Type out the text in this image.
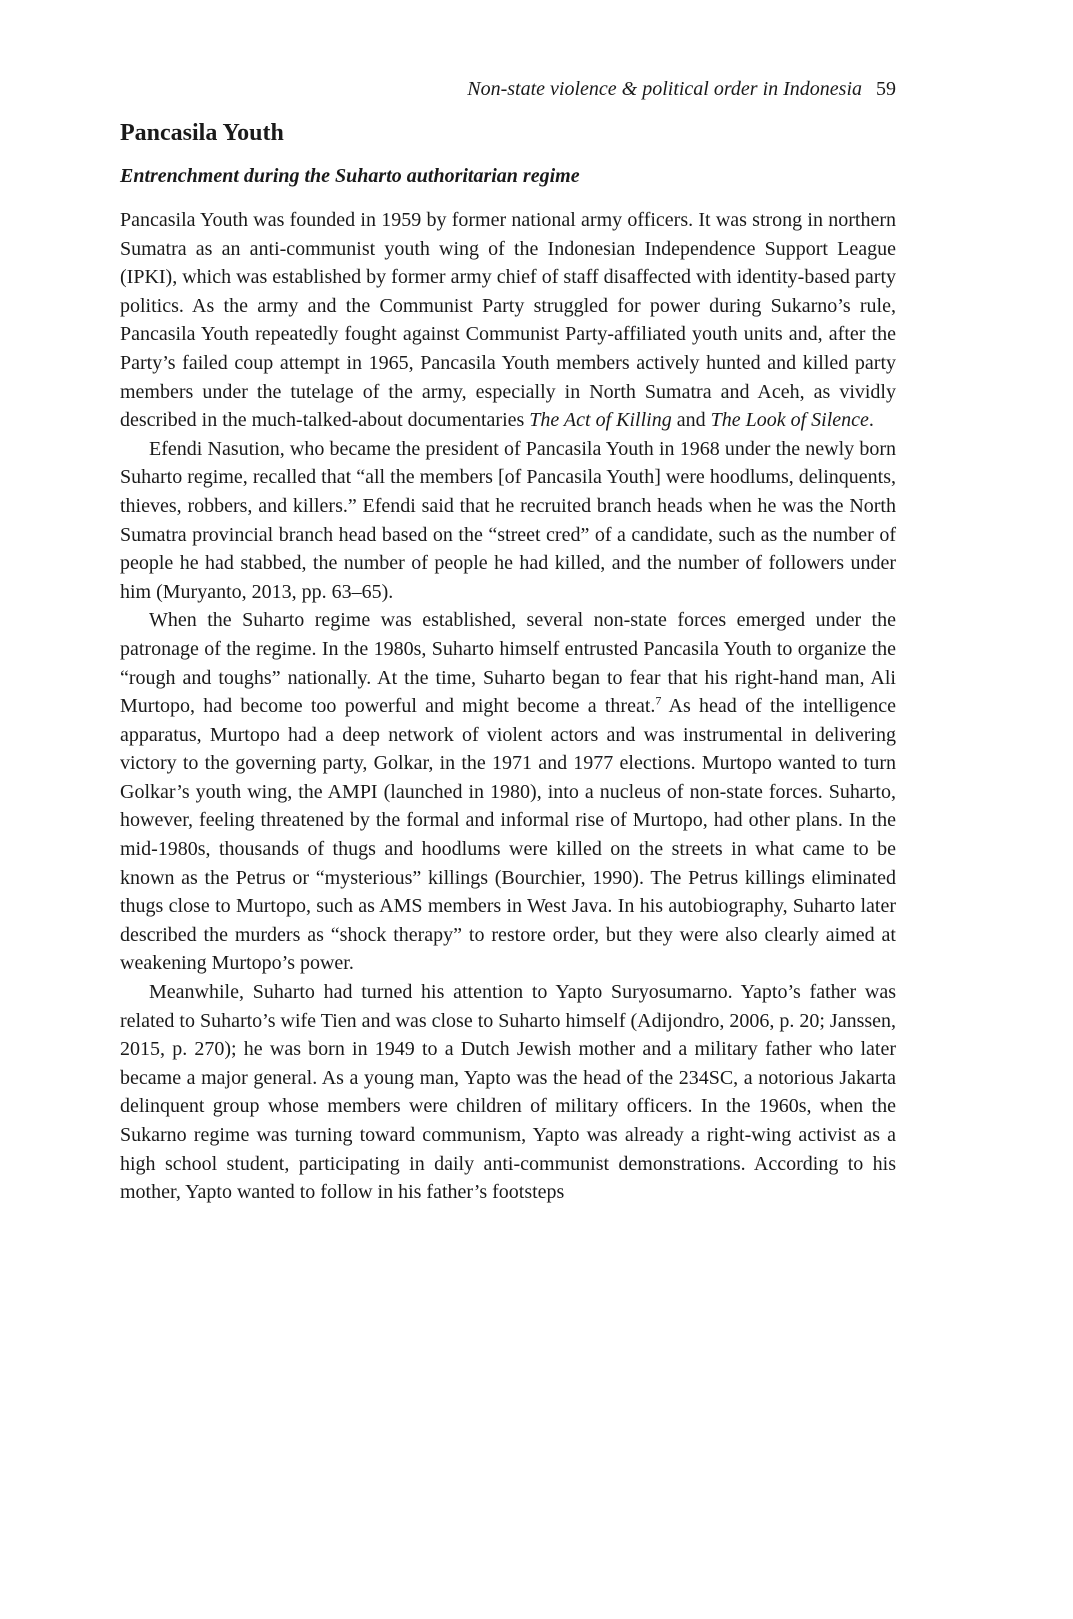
Non-state violence & political order in Indonesia 59
Pancasila Youth
Entrenchment during the Suharto authoritarian regime

Pancasila Youth was founded in 1959 by former national army officers. It was strong in northern Sumatra as an anti-communist youth wing of the Indonesian Independence Support League (IPKI), which was established by former army chief of staff disaffected with identity-based party politics. As the army and the Communist Party struggled for power during Sukarno’s rule, Pancasila Youth repeatedly fought against Communist Party-affiliated youth units and, after the Party’s failed coup attempt in 1965, Pancasila Youth members actively hunted and killed party members under the tutelage of the army, especially in North Sumatra and Aceh, as vividly described in the much-talked-about documentaries The Act of Killing and The Look of Silence.

Efendi Nasution, who became the president of Pancasila Youth in 1968 under the newly born Suharto regime, recalled that “all the members [of Pancasila Youth] were hoodlums, delinquents, thieves, robbers, and killers.” Efendi said that he recruited branch heads when he was the North Sumatra provincial branch head based on the “street cred” of a candidate, such as the number of people he had stabbed, the number of people he had killed, and the number of followers under him (Muryanto, 2013, pp. 63–65).

When the Suharto regime was established, several non-state forces emerged under the patronage of the regime. In the 1980s, Suharto himself entrusted Pancasila Youth to organize the “rough and toughs” nationally. At the time, Suharto began to fear that his right-hand man, Ali Murtopo, had become too powerful and might become a threat.$^7$ As head of the intelligence apparatus, Murtopo had a deep network of violent actors and was instrumental in delivering victory to the governing party, Golkar, in the 1971 and 1977 elections. Murtopo wanted to turn Golkar’s youth wing, the AMPI (launched in 1980), into a nucleus of non-state forces. Suharto, however, feeling threatened by the formal and informal rise of Murtopo, had other plans. In the mid-1980s, thousands of thugs and hoodlums were killed on the streets in what came to be known as the Petrus or “mysterious” killings (Bourchier, 1990). The Petrus killings eliminated thugs close to Murtopo, such as AMS members in West Java. In his autobiography, Suharto later described the murders as “shock therapy” to restore order, but they were also clearly aimed at weakening Murtopo’s power.

Meanwhile, Suharto had turned his attention to Yapto Suryosumarno. Yapto’s father was related to Suharto’s wife Tien and was close to Suharto himself (Adijondro, 2006, p. 20; Janssen, 2015, p. 270); he was born in 1949 to a Dutch Jewish mother and a military father who later became a major general. As a young man, Yapto was the head of the 234SC, a notorious Jakarta delinquent group whose members were children of military officers. In the 1960s, when the Sukarno regime was turning toward communism, Yapto was already a right-wing activist as a high school student, participating in daily anti-communist demonstrations. According to his mother, Yapto wanted to follow in his father’s footsteps
